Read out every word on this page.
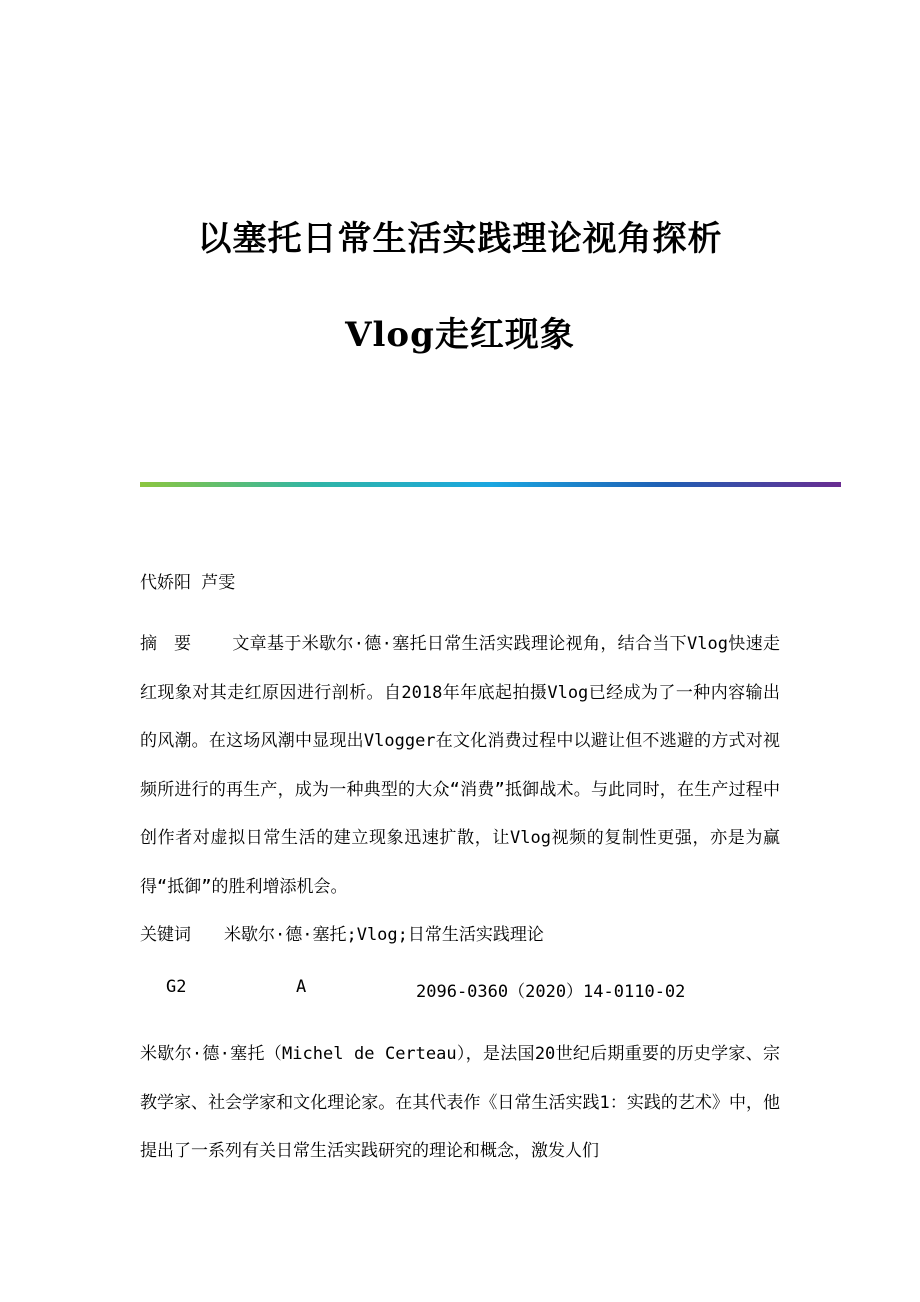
以塞托日常生活实践理论视角探析
Vlog走红现象
代娇阳 芦雯
摘　要 文章基于米歇尔·德·塞托日常生活实践理论视角，结合当下Vlog快速走红现象对其走红原因进行剖析。自2018年年底起拍摄Vlog已经成为了一种内容输出的风潮。在这场风潮中显现出Vlogger在文化消费过程中以避让但不逃避的方式对视频所进行的再生产，成为一种典型的大众“消费”抵御战术。与此同时，在生产过程中创作者对虚拟日常生活的建立现象迅速扩散，让Vlog视频的复制性更强，亦是为赢得“抵御”的胜利增添机会。
关键词 米歇尔·德·塞托;Vlog;日常生活实践理论
G2	A	2096-0360（2020）14-0110-02
米歇尔·德·塞托（Michel de Certeau），是法国20世纪后期重要的历史学家、宗教学家、社会学家和文化理论家。在其代表作《日常生活实践1：实践的艺术》中，他提出了一系列有关日常生活实践研究的理论和概念，激发人们
